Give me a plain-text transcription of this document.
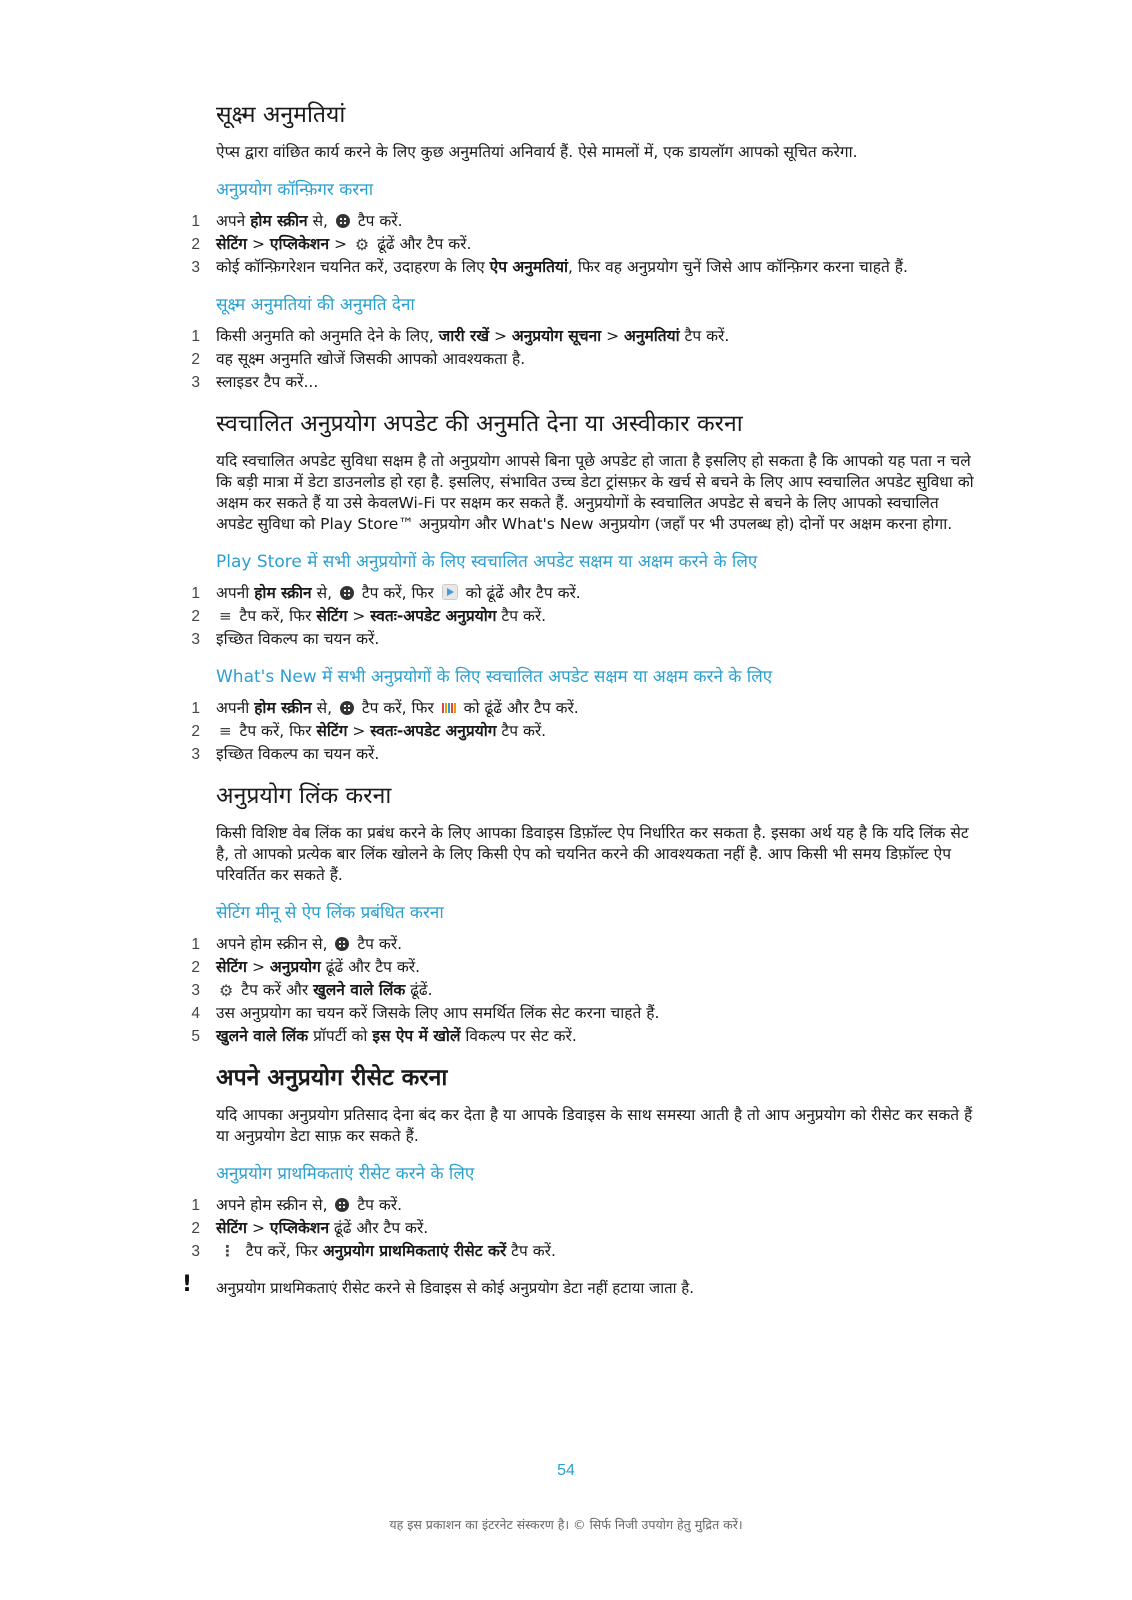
सूक्ष्म अनुमतियां
ऐप्स द्वारा वांछित कार्य करने के लिए कुछ अनुमतियां अनिवार्य हैं. ऐसे मामलों में, एक डायलॉग आपको सूचित करेगा.
अनुप्रयोग कॉन्फ़िगर करना
1 अपने होम स्क्रीन से,  टैप करें.
2 सेटिंग > एप्लिकेशन > ⚙ ढूंढें और टैप करें.
3 कोई कॉन्फ़िगरेशन चयनित करें, उदाहरण के लिए ऐप अनुमतियां, फिर वह अनुप्रयोग चुनें जिसे आप कॉन्फ़िगर करना चाहते हैं.
सूक्ष्म अनुमतियां की अनुमति देना
1 किसी अनुमति को अनुमति देने के लिए, जारी रखें > अनुप्रयोग सूचना > अनुमतियां टैप करें.
2 वह सूक्ष्म अनुमति खोजें जिसकी आपको आवश्यकता है.
3 स्लाइडर टैप करें...
स्वचालित अनुप्रयोग अपडेट की अनुमति देना या अस्वीकार करना
यदि स्वचालित अपडेट सुविधा सक्षम है तो अनुप्रयोग आपसे बिना पूछे अपडेट हो जाता है इसलिए हो सकता है कि आपको यह पता न चले कि बड़ी मात्रा में डेटा डाउनलोड हो रहा है. इसलिए, संभावित उच्च डेटा ट्रांसफ़र के खर्च से बचने के लिए आप स्वचालित अपडेट सुविधा को अक्षम कर सकते हैं या उसे केवलWi-Fi पर सक्षम कर सकते हैं. अनुप्रयोगों के स्वचालित अपडेट से बचने के लिए आपको स्वचालित अपडेट सुविधा को Play Store™ अनुप्रयोग और What's New अनुप्रयोग (जहाँ पर भी उपलब्ध हो) दोनों पर अक्षम करना होगा.
Play Store में सभी अनुप्रयोगों के लिए स्वचालित अपडेट सक्षम या अक्षम करने के लिए
1 अपनी होम स्क्रीन से,  टैप करें, फिर  को ढूंढें और टैप करें.
2 ≡ टैप करें, फिर सेटिंग > स्वतः-अपडेट अनुप्रयोग टैप करें.
3 इच्छित विकल्प का चयन करें.
What's New में सभी अनुप्रयोगों के लिए स्वचालित अपडेट सक्षम या अक्षम करने के लिए
1 अपनी होम स्क्रीन से,  टैप करें, फिर  को ढूंढें और टैप करें.
2 ≡ टैप करें, फिर सेटिंग > स्वतः-अपडेट अनुप्रयोग टैप करें.
3 इच्छित विकल्प का चयन करें.
अनुप्रयोग लिंक करना
किसी विशिष्ट वेब लिंक का प्रबंध करने के लिए आपका डिवाइस डिफ़ॉल्ट ऐप निर्धारित कर सकता है. इसका अर्थ यह है कि यदि लिंक सेट है, तो आपको प्रत्येक बार लिंक खोलने के लिए किसी ऐप को चयनित करने की आवश्यकता नहीं है. आप किसी भी समय डिफ़ॉल्ट ऐप परिवर्तित कर सकते हैं.
सेटिंग मीनू से ऐप लिंक प्रबंधित करना
1 अपने होम स्क्रीन से,  टैप करें.
2 सेटिंग > अनुप्रयोग ढूंढें और टैप करें.
3 ⚙ टैप करें और खुलने वाले लिंक ढूंढें.
4 उस अनुप्रयोग का चयन करें जिसके लिए आप समर्थित लिंक सेट करना चाहते हैं.
5 खुलने वाले लिंक प्रॉपर्टी को इस ऐप में खोलें विकल्प पर सेट करें.
अपने अनुप्रयोग रीसेट करना
यदि आपका अनुप्रयोग प्रतिसाद देना बंद कर देता है या आपके डिवाइस के साथ समस्या आती है तो आप अनुप्रयोग को रीसेट कर सकते हैं या अनुप्रयोग डेटा साफ़ कर सकते हैं.
अनुप्रयोग प्राथमिकताएं रीसेट करने के लिए
1 अपने होम स्क्रीन से,  टैप करें.
2 सेटिंग > एप्लिकेशन ढूंढें और टैप करें.
3 ⋮ टैप करें, फिर अनुप्रयोग प्राथमिकताएं रीसेट करें टैप करें.
! अनुप्रयोग प्राथमिकताएं रीसेट करने से डिवाइस से कोई अनुप्रयोग डेटा नहीं हटाया जाता है.
54
यह इस प्रकाशन का इंटरनेट संस्करण है। © सिर्फ निजी उपयोग हेतु मुद्रित करें।
